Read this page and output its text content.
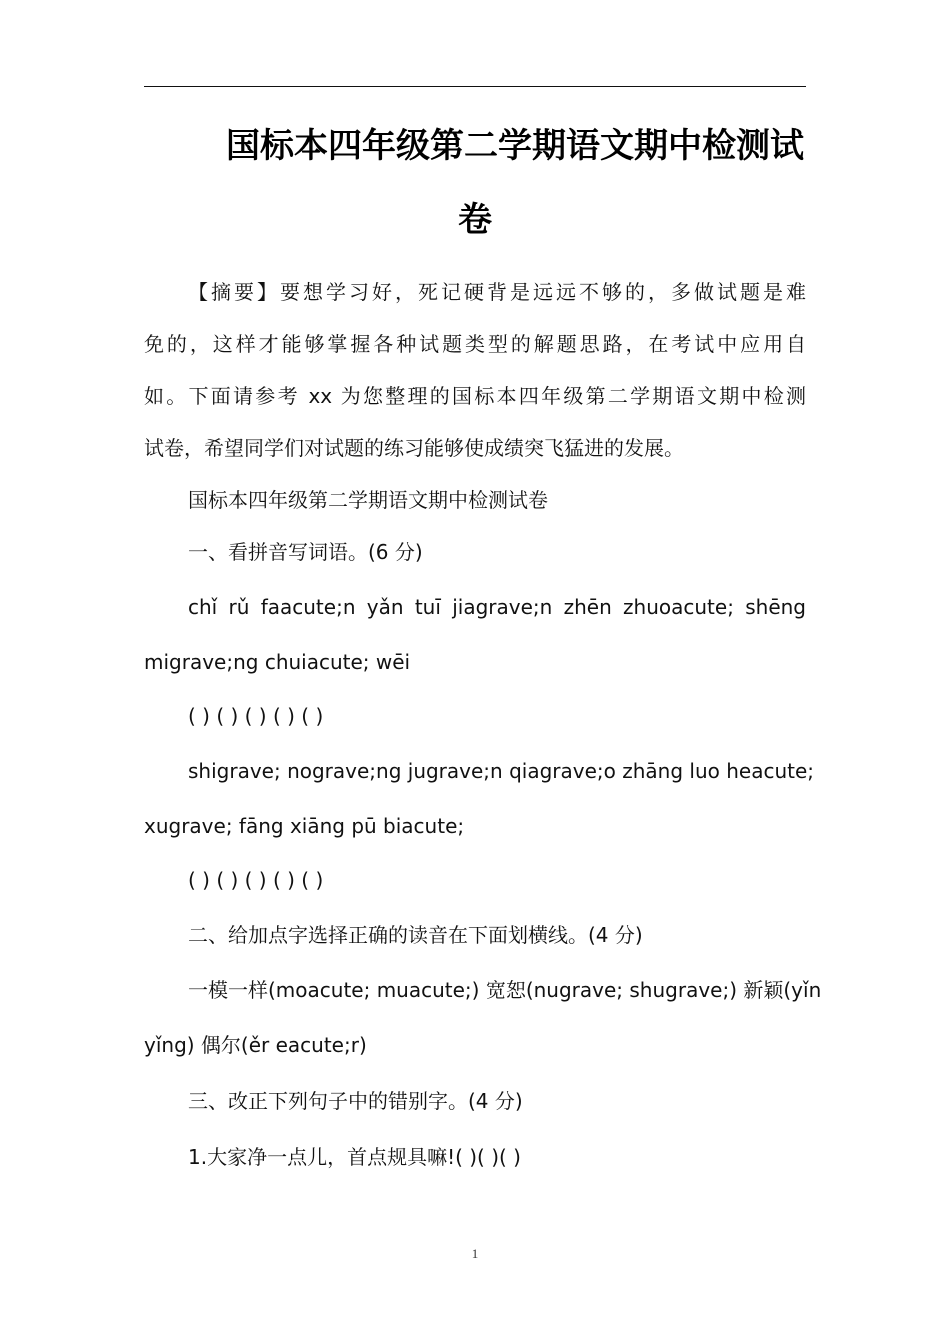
国标本四年级第二学期语文期中检测试
卷
【摘要】要想学习好，死记硬背是远远不够的，多做试题是难
免的，这样才能够掌握各种试题类型的解题思路，在考试中应用自
如。下面请参考 xx 为您整理的国标本四年级第二学期语文期中检测
试卷，希望同学们对试题的练习能够使成绩突飞猛进的发展。
国标本四年级第二学期语文期中检测试卷
一、看拼音写词语。(6 分)
chǐ rǔ faacute;n yǎn tuī jiagrave;n zhēn zhuoacute; shēng
migrave;ng chuiacute; wēi
( ) ( ) ( ) ( ) ( )
shigrave; nograve;ng jugrave;n qiagrave;o zhāng luo heacute;
xugrave; fāng xiāng pū biacute;
( ) ( ) ( ) ( ) ( )
二、给加点字选择正确的读音在下面划横线。(4 分)
一模一样(moacute; muacute;) 宽恕(nugrave; shugrave;) 新颖(yǐn
yǐng) 偶尔(ěr eacute;r)
三、改正下列句子中的错别字。(4 分)
1.大家净一点儿，首点规具嘛!( )( )( )
1
